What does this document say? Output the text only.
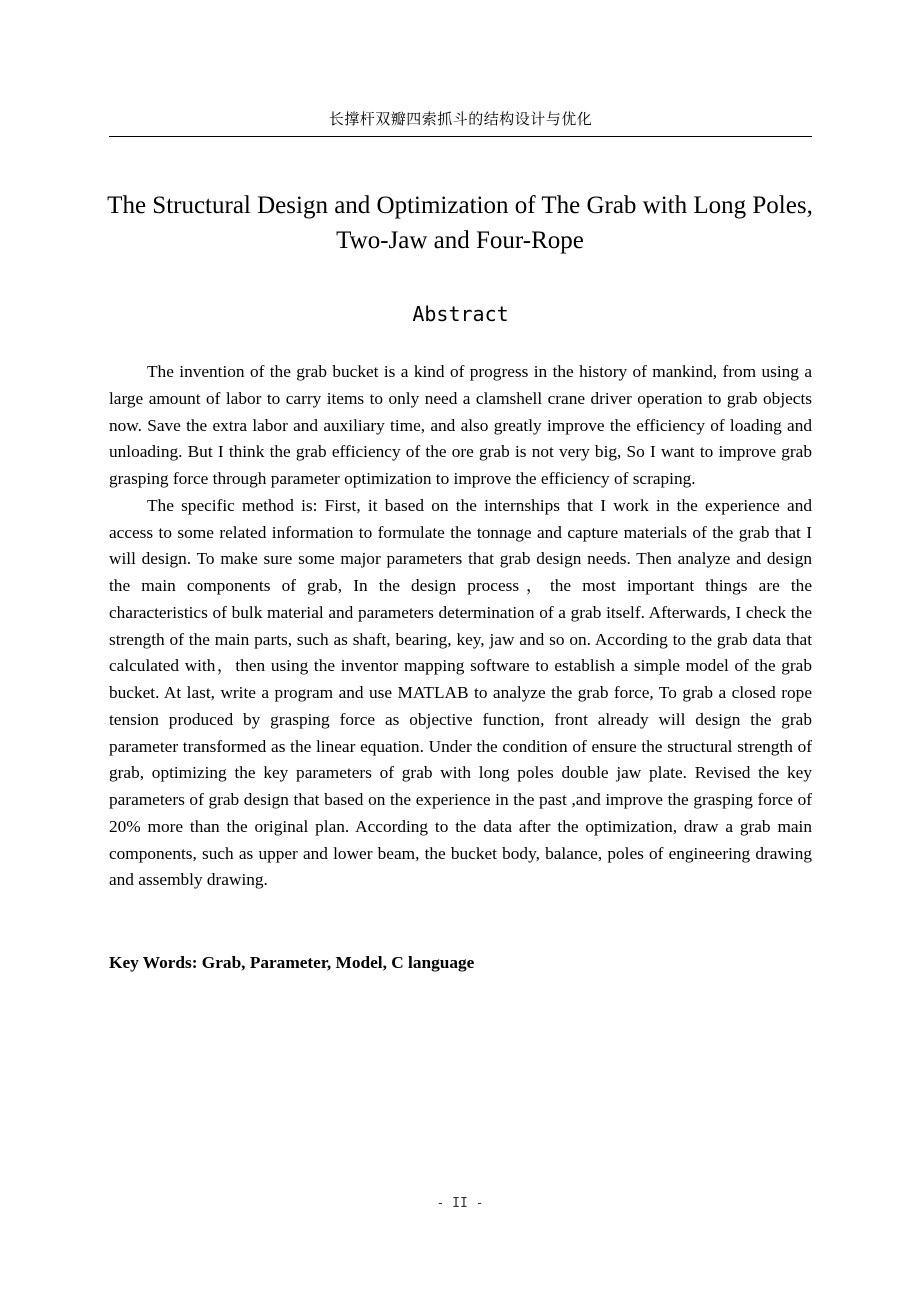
长撑杆双瓣四索抓斗的结构设计与优化
The Structural Design and Optimization of The Grab with Long Poles,
Two-Jaw and Four-Rope
Abstract

The invention of the grab bucket is a kind of progress in the history of mankind, from using a large amount of labor to carry items to only need a clamshell crane driver operation to grab objects now. Save the extra labor and auxiliary time, and also greatly improve the efficiency of loading and unloading. But I think the grab efficiency of the ore grab is not very big, So I want to improve grab grasping force through parameter optimization to improve the efficiency of scraping.

The specific method is: First, it based on the internships that I work in the experience and access to some related information to formulate the tonnage and capture materials of the grab that I will design. To make sure some major parameters that grab design needs. Then analyze and design the main components of grab, In the design process，the most important things are the characteristics of bulk material and parameters determination of a grab itself. Afterwards, I check the strength of the main parts, such as shaft, bearing, key, jaw and so on. According to the grab data that calculated with，then using the inventor mapping software to establish a simple model of the grab bucket. At last, write a program and use MATLAB to analyze the grab force, To grab a closed rope tension produced by grasping force as objective function, front already will design the grab parameter transformed as the linear equation. Under the condition of ensure the structural strength of grab, optimizing the key parameters of grab with long poles double jaw plate. Revised the key parameters of grab design that based on the experience in the past ,and improve the grasping force of 20% more than the original plan. According to the data after the optimization, draw a grab main components, such as upper and lower beam, the bucket body, balance, poles of engineering drawing and assembly drawing.

Key Words: Grab, Parameter, Model, C language
- II -
